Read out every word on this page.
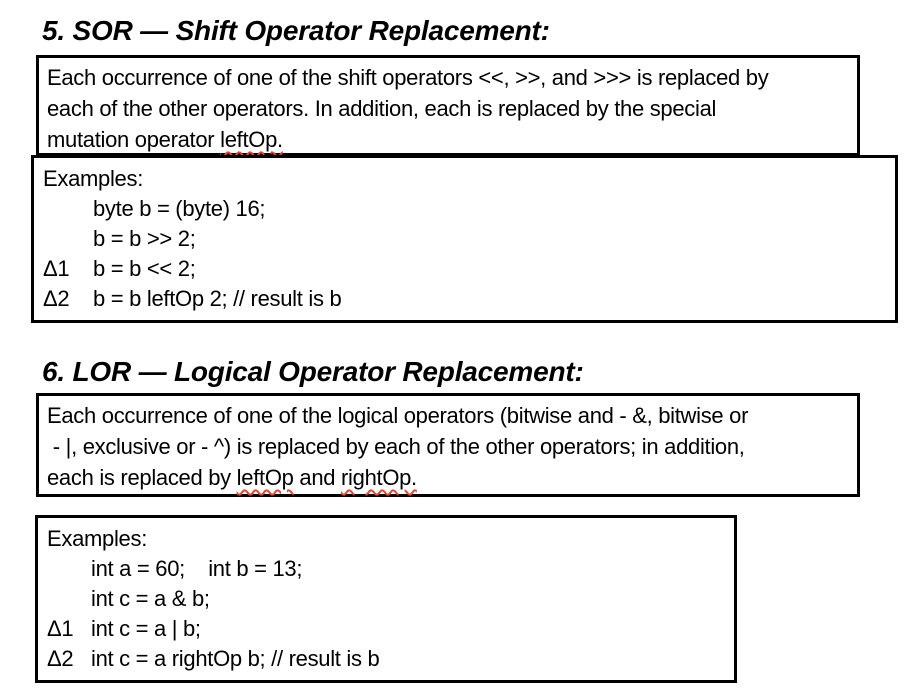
5. SOR — Shift Operator Replacement:
Each occurrence of one of the shift operators <<, >>, and >>> is replaced by
each of the other operators. In addition, each is replaced by the special
mutation operator leftOp.
Examples:
byte b = (byte) 16;
b = b >> 2;
Δ1	b = b << 2;
Δ2	b = b leftOp 2; // result is b
6. LOR — Logical Operator Replacement:
Each occurrence of one of the logical operators (bitwise and - &, bitwise or
- |, exclusive or - ^) is replaced by each of the other operators; in addition,
each is replaced by leftOp and rightOp.
Examples:
int a = 60;    int b = 13;
int c = a & b;
Δ1 int c = a | b;
Δ2 int c = a rightOp b; // result is b
